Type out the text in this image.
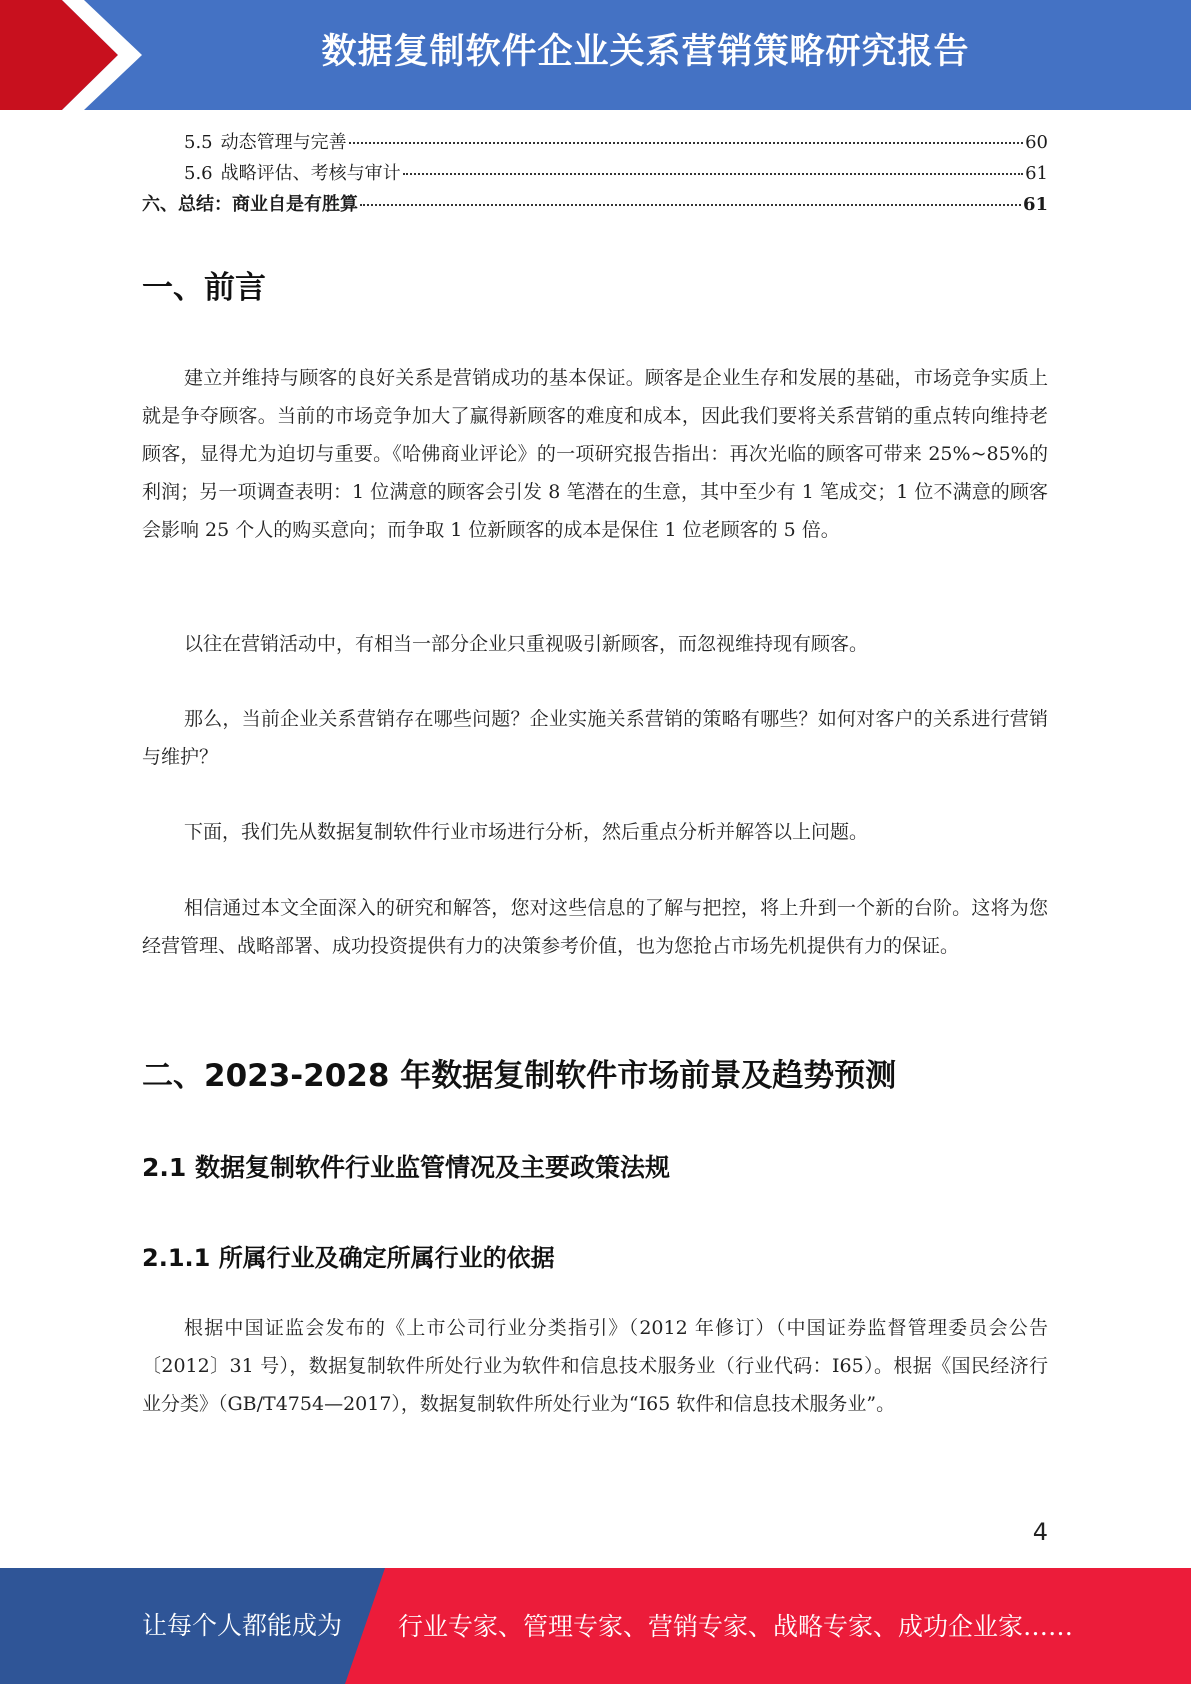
数据复制软件企业关系营销策略研究报告
5.5 动态管理与完善	60
5.6 战略评估、考核与审计	61
六、总结：商业自是有胜算	61
一、前言
建立并维持与顾客的良好关系是营销成功的基本保证。顾客是企业生存和发展的基础，市场竞争实质上就是争夺顾客。当前的市场竞争加大了赢得新顾客的难度和成本，因此我们要将关系营销的重点转向维持老顾客，显得尤为迫切与重要。《哈佛商业评论》的一项研究报告指出：再次光临的顾客可带来 25%~85%的利润；另一项调查表明：1 位满意的顾客会引发 8 笔潜在的生意，其中至少有 1 笔成交；1 位不满意的顾客会影响 25 个人的购买意向；而争取 1 位新顾客的成本是保住 1 位老顾客的 5 倍。
以往在营销活动中，有相当一部分企业只重视吸引新顾客，而忽视维持现有顾客。
那么，当前企业关系营销存在哪些问题？企业实施关系营销的策略有哪些？如何对客户的关系进行营销与维护？
下面，我们先从数据复制软件行业市场进行分析，然后重点分析并解答以上问题。
相信通过本文全面深入的研究和解答，您对这些信息的了解与把控，将上升到一个新的台阶。这将为您经营管理、战略部署、成功投资提供有力的决策参考价值，也为您抢占市场先机提供有力的保证。
二、2023-2028 年数据复制软件市场前景及趋势预测
2.1 数据复制软件行业监管情况及主要政策法规
2.1.1 所属行业及确定所属行业的依据
根据中国证监会发布的《上市公司行业分类指引》（2012 年修订）（中国证券监督管理委员会公告〔2012〕31 号），数据复制软件所处行业为软件和信息技术服务业（行业代码：I65）。根据《国民经济行业分类》（GB/T4754—2017），数据复制软件所处行业为“I65 软件和信息技术服务业”。
4
让每个人都能成为 行业专家、管理专家、营销专家、战略专家、成功企业家……
